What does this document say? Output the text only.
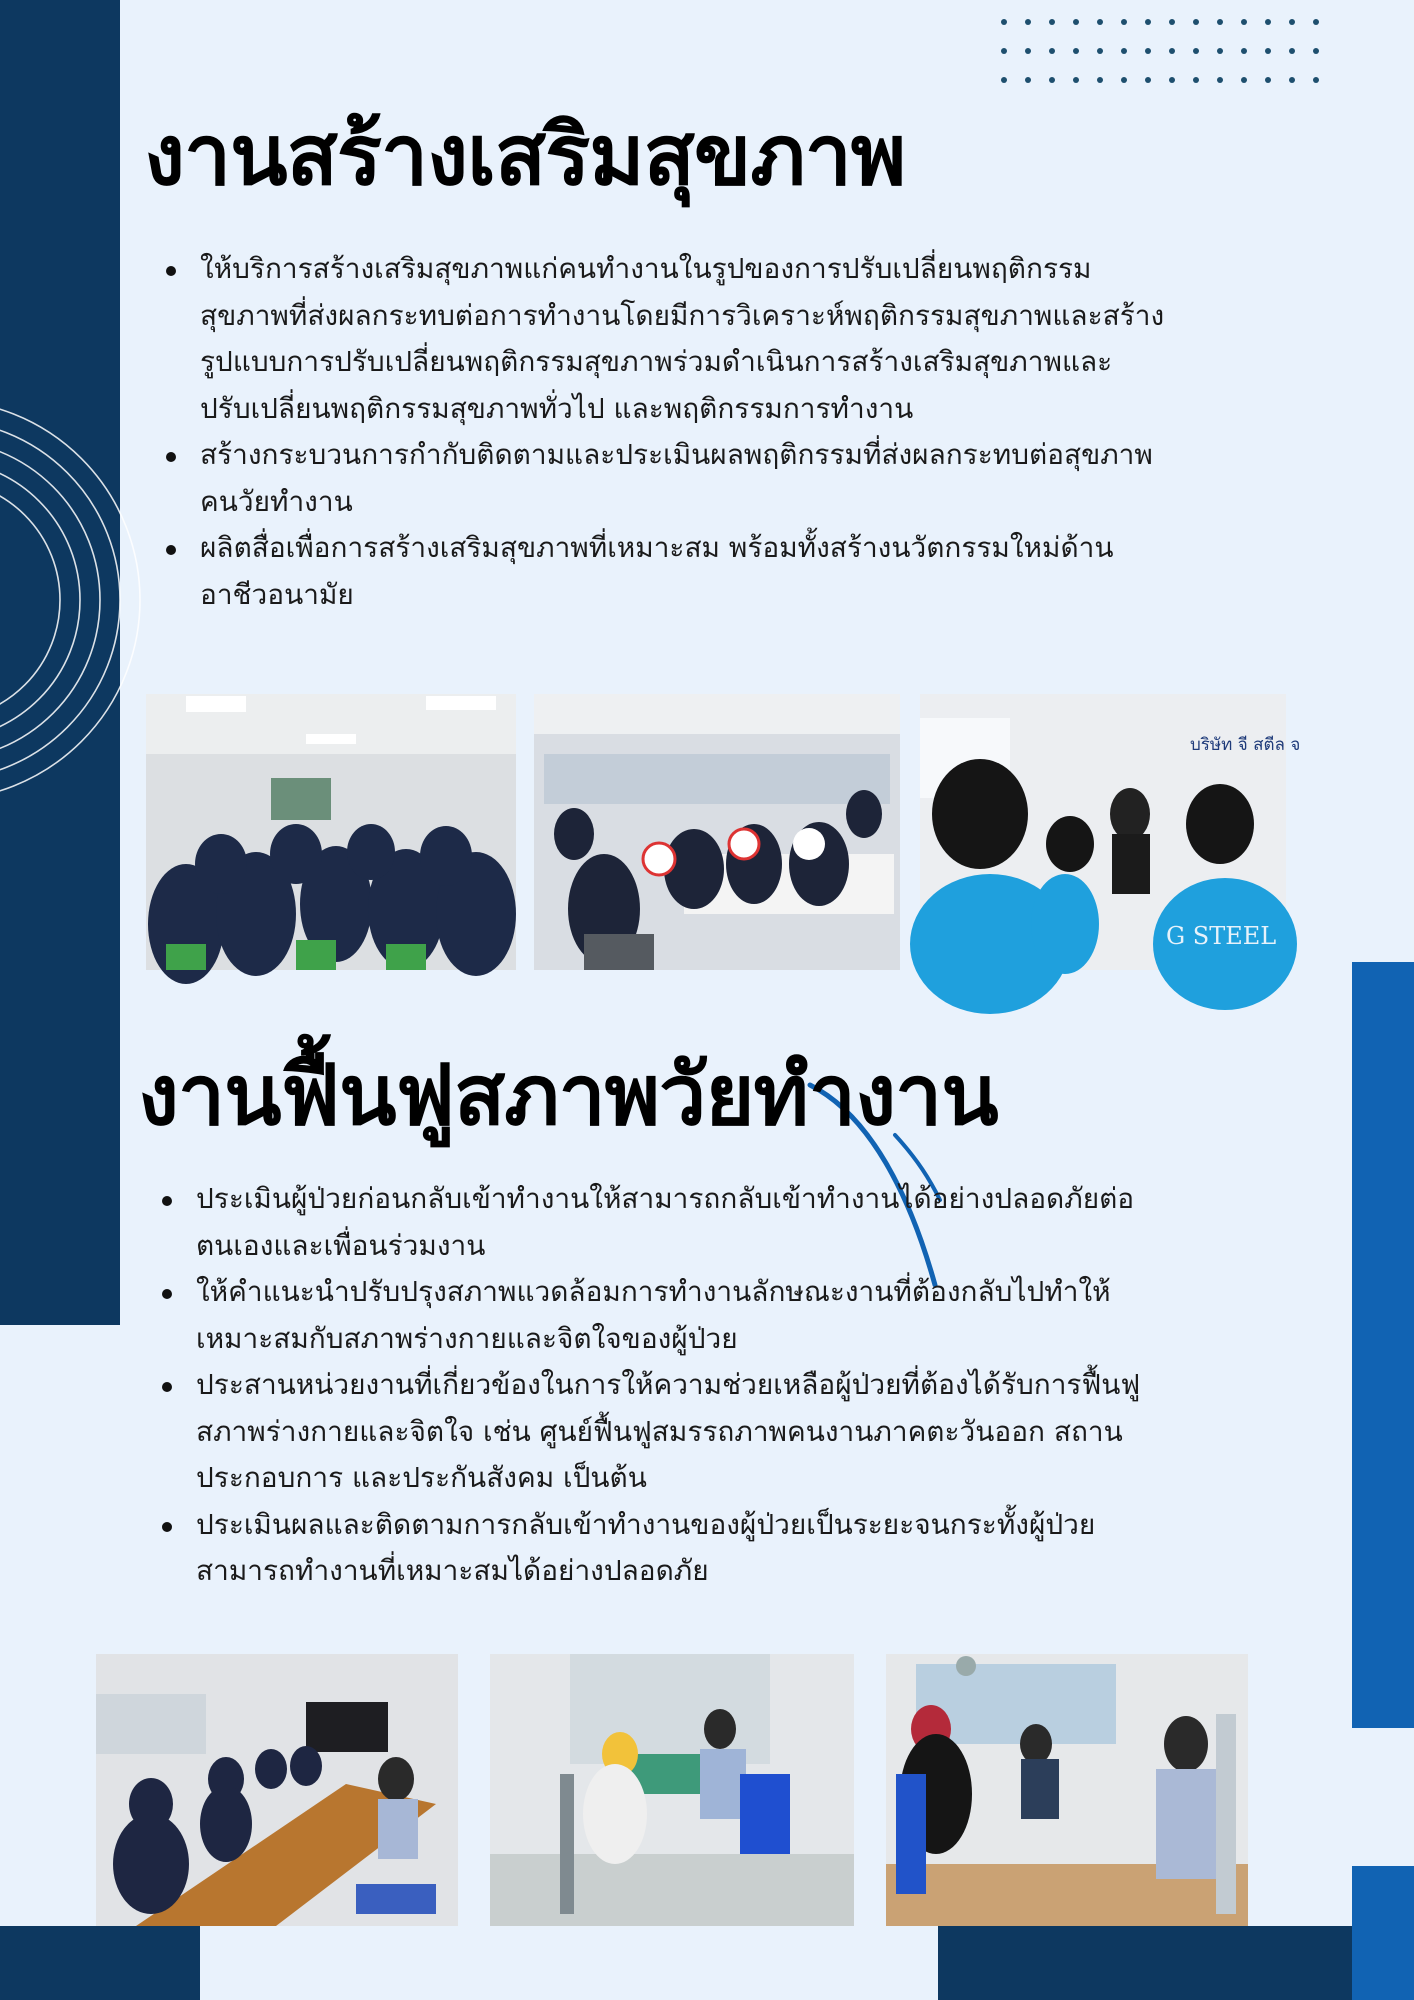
งานสร้างเสริมสุขภาพ
ให้บริการสร้างเสริมสุขภาพแก่คนทำงานในรูปของการปรับเปลี่ยนพฤติกรรม
สุขภาพที่ส่งผลกระทบต่อการทำงานโดยมีการวิเคราะห์พฤติกรรมสุขภาพและสร้าง
รูปแบบการปรับเปลี่ยนพฤติกรรมสุขภาพร่วมดำเนินการสร้างเสริมสุขภาพและ
ปรับเปลี่ยนพฤติกรรมสุขภาพทั่วไป และพฤติกรรมการทำงาน
สร้างกระบวนการกำกับติดตามและประเมินผลพฤติกรรมที่ส่งผลกระทบต่อสุขภาพ
คนวัยทำงาน
ผลิตสื่อเพื่อการสร้างเสริมสุขภาพที่เหมาะสม พร้อมทั้งสร้างนวัตกรรมใหม่ด้าน
อาชีวอนามัย
บริษัท จี สตีล จ
G STEEL
งานฟื้นฟูสภาพวัยทำงาน
ประเมินผู้ป่วยก่อนกลับเข้าทำงานให้สามารถกลับเข้าทำงานได้อย่างปลอดภัยต่อ
ตนเองและเพื่อนร่วมงาน
ให้คำแนะนำปรับปรุงสภาพแวดล้อมการทำงานลักษณะงานที่ต้องกลับไปทำให้
เหมาะสมกับสภาพร่างกายและจิตใจของผู้ป่วย
ประสานหน่วยงานที่เกี่ยวข้องในการให้ความช่วยเหลือผู้ป่วยที่ต้องได้รับการฟื้นฟู
สภาพร่างกายและจิตใจ เช่น ศูนย์ฟื้นฟูสมรรถภาพคนงานภาคตะวันออก สถาน
ประกอบการ และประกันสังคม เป็นต้น
ประเมินผลและติดตามการกลับเข้าทำงานของผู้ป่วยเป็นระยะจนกระทั้งผู้ป่วย
สามารถทำงานที่เหมาะสมได้อย่างปลอดภัย
